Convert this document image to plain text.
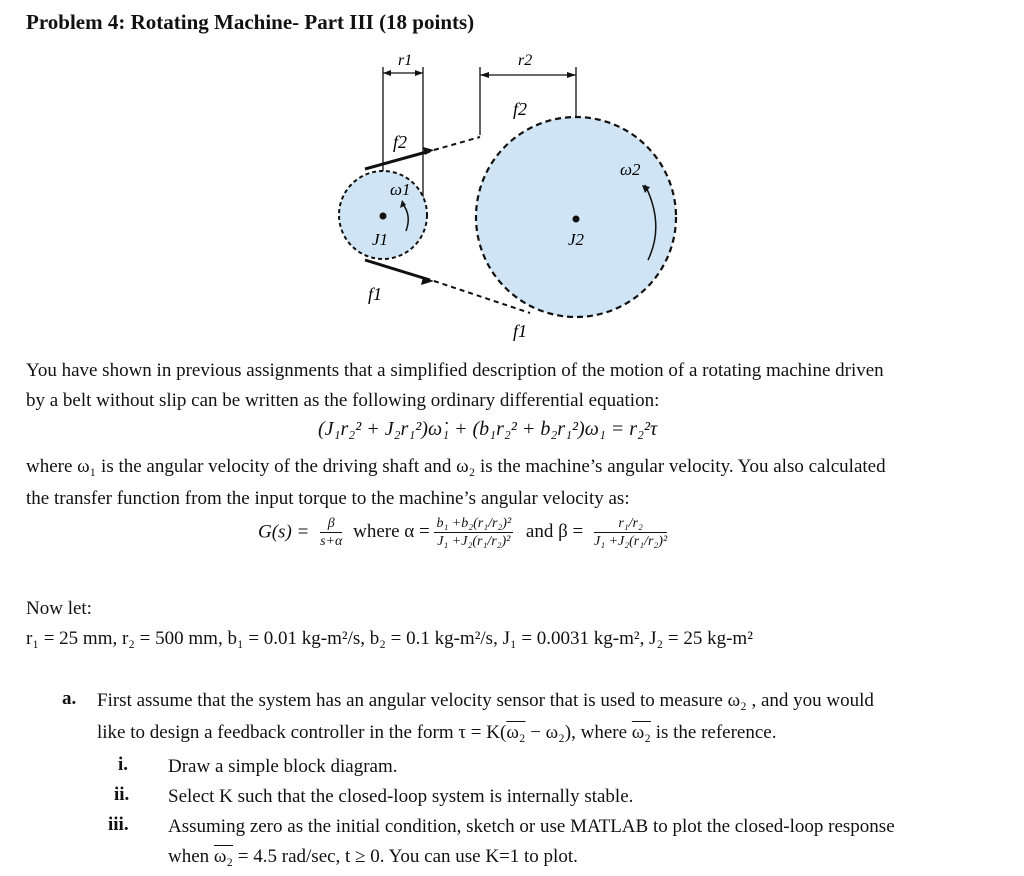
Problem 4: Rotating Machine- Part III (18 points)
r1	r2
f2
f2
ω1
ω2
J1	J2
f1
f1
You have shown in previous assignments that a simplified description of the motion of a rotating machine driven
by a belt without slip can be written as the following ordinary differential equation:
(J₁r₂² + J₂r₁²)ω̇₁ + (b₁r₂² + b₂r₁²)ω₁ = r₂²τ
where ω₁ is the angular velocity of the driving shaft and ω₂ is the machine’s angular velocity. You also calculated
the transfer function from the input torque to the machine’s angular velocity as:
$G(s) = \frac{\beta}{s+\alpha}$ where $\alpha = \frac{\text{b₁ +b₂(r₁/r₂)²}}{\text{J₁ +J₂(r₁/r₂)²}}$ and $\beta = \frac{\text{r₁/r₂}}{\text{J₁ +J₂(r₁/r₂)²}}$
Now let:
r₁ = 25 mm, r₂ = 500 mm, b₁ = 0.01 kg-m²/s, b₂ = 0.1 kg-m²/s, J₁ = 0.0031 kg-m², J₂ = 25 kg-m²
a. First assume that the system has an angular velocity sensor that is used to measure ω₂ , and you would
like to design a feedback controller in the form τ = K(ω₂ − ω₂), where ω₂ is the reference.
i. Draw a simple block diagram.
ii. Select K such that the closed-loop system is internally stable.
iii. Assuming zero as the initial condition, sketch or use MATLAB to plot the closed-loop response
when ω₂ = 4.5 rad/sec, t ≥ 0. You can use K=1 to plot.
